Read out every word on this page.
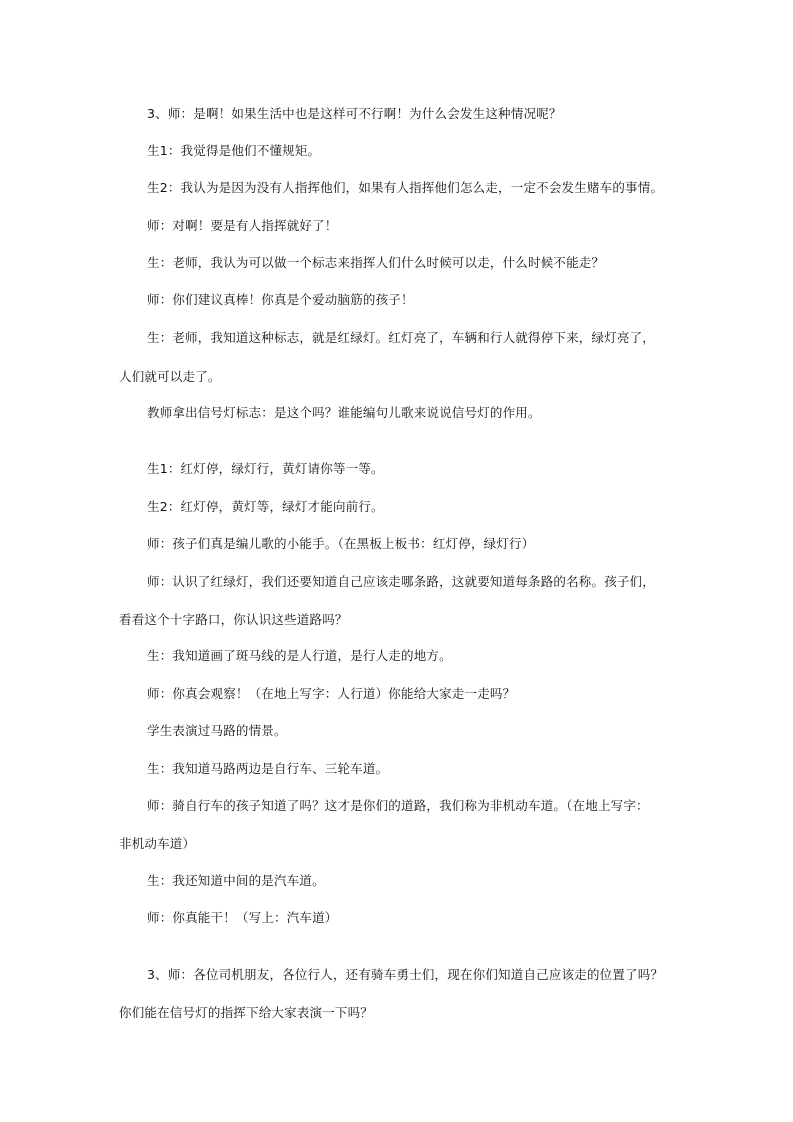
3、师：是啊！如果生活中也是这样可不行啊！为什么会发生这种情况呢？
生1：我觉得是他们不懂规矩。
生2：我认为是因为没有人指挥他们，如果有人指挥他们怎么走，一定不会发生赌车的事情。
师：对啊！要是有人指挥就好了！
生：老师，我认为可以做一个标志来指挥人们什么时候可以走，什么时候不能走？
师：你们建议真棒！你真是个爱动脑筋的孩子！
生：老师，我知道这种标志，就是红绿灯。红灯亮了，车辆和行人就得停下来，绿灯亮了，
人们就可以走了。
教师拿出信号灯标志：是这个吗？谁能编句儿歌来说说信号灯的作用。
生1：红灯停，绿灯行，黄灯请你等一等。
生2：红灯停，黄灯等，绿灯才能向前行。
师：孩子们真是编儿歌的小能手。（在黑板上板书：红灯停，绿灯行）
师：认识了红绿灯，我们还要知道自己应该走哪条路，这就要知道每条路的名称。孩子们，
看看这个十字路口，你认识这些道路吗？
生：我知道画了斑马线的是人行道，是行人走的地方。
师：你真会观察！（在地上写字：人行道）你能给大家走一走吗？
学生表演过马路的情景。
生：我知道马路两边是自行车、三轮车道。
师：骑自行车的孩子知道了吗？这才是你们的道路，我们称为非机动车道。（在地上写字：
非机动车道）
生：我还知道中间的是汽车道。
师：你真能干！（写上：汽车道）
3、师：各位司机朋友，各位行人，还有骑车勇士们，现在你们知道自己应该走的位置了吗？
你们能在信号灯的指挥下给大家表演一下吗？
